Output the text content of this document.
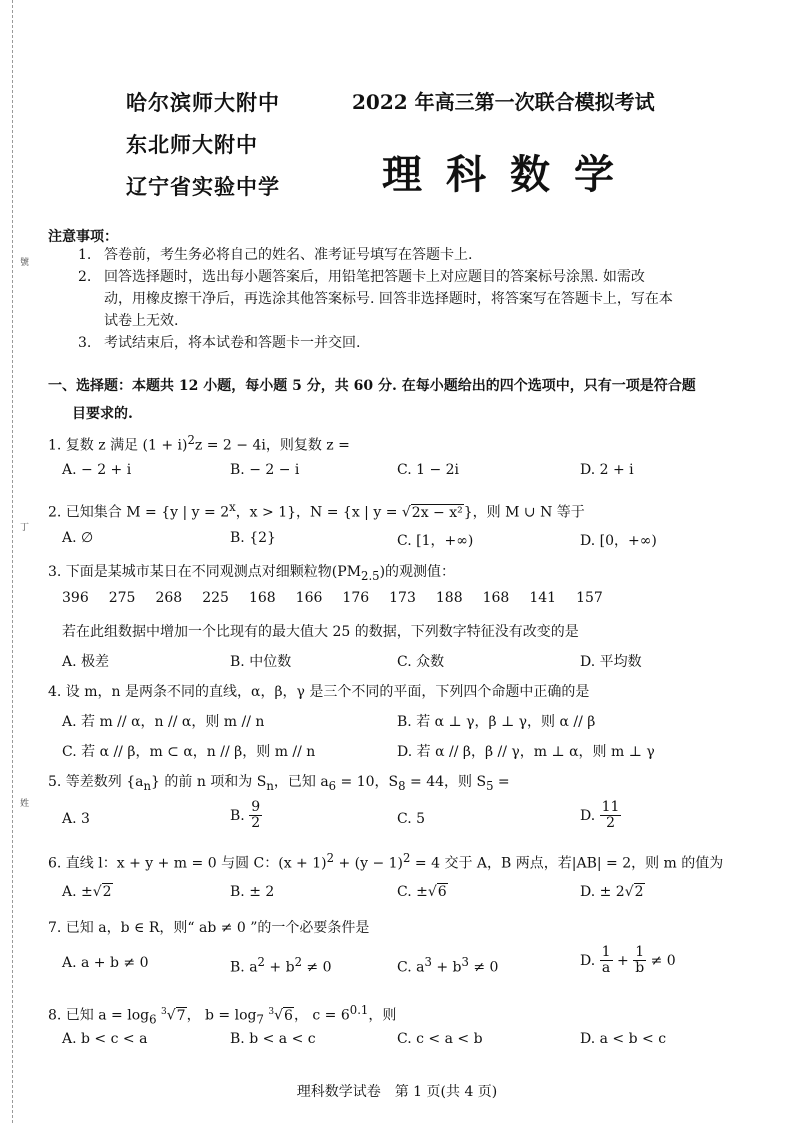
號
丁
姓
哈尔滨师大附中
东北师大附中
辽宁省实验中学
2022 年高三第一次联合模拟考试
理科数学
注意事项：
1. 答卷前，考生务必将自己的姓名、准考证号填写在答题卡上.
2. 回答选择题时，选出每小题答案后，用铅笔把答题卡上对应题目的答案标号涂黑. 如需改
动，用橡皮擦干净后，再选涂其他答案标号. 回答非选择题时，将答案写在答题卡上，写在本
试卷上无效.
3. 考试结束后，将本试卷和答题卡一并交回.
一、选择题：本题共 12 小题，每小题 5 分，共 60 分. 在每小题给出的四个选项中，只有一项是符合题
目要求的.
1. 复数 z 满足 $(1 + i)^2z = 2 - 4i$，则复数 z =
A. − 2 + i	B. − 2 − i	C. 1 − 2i	D. 2 + i
2. 已知集合 M = {y | $y = 2^x$，x > 1}，N = {x | y = √2x − x²}，则 M ∪ N 等于
A. ∅	B. {2}	C. [1，+∞)	D. [0，+∞)
3. 下面是某城市某日在不同观测点对细颗粒物$(PM_{2.5})$的观测值：
396 275 268 225 168 166 176 173 188 168 141 157
若在此组数据中增加一个比现有的最大值大 25 的数据，下列数字特征没有改变的是
A. 极差	B. 中位数	C. 众数	D. 平均数
4. 设 m，n 是两条不同的直线，α，β，γ 是三个不同的平面，下列四个命题中正确的是
A. 若 m // α，n // α，则 m // n	B. 若 α ⊥ γ，β ⊥ γ，则 α // β
C. 若 α // β，m ⊂ α，n // β，则 m // n	D. 若 α // β，β // γ，m ⊥ α，则 m ⊥ γ
5. 等差数列 $\{a_n\}$ 的前 n 项和为 $S_n$，已知 $a_6 = 10$，$S_8 = 44$，则 $S_5$ =
A. 3	B. $\frac{9}{2}$	C. 5	D. $\frac{11}{2}$
6. 直线 l：x + y + m = 0 与圆 C：$(x + 1)^2 + (y - 1)^2 = 4$ 交于 A，B 两点，若|AB| = 2，则 m 的值为
A. ±√2	B. ± 2	C. ±√6	D. ± 2√2
7. 已知 a，b ∈ R，则“ ab ≠ 0 ”的一个必要条件是
A. a + b ≠ 0	B. $a^2 + b^2 \ne 0$	C. $a^3 + b^3 \ne 0$	D. $\frac{1}{a} + \frac{1}{b} \ne 0$
8. 已知 $a = \log_6 ^3√7$， $b = \log_7 ^3√6$， $c = 6^{0.1}$，则
A. b < c < a	B. b < a < c	C. c < a < b	D. a < b < c
理科数学试卷　第 1 页(共 4 页)
